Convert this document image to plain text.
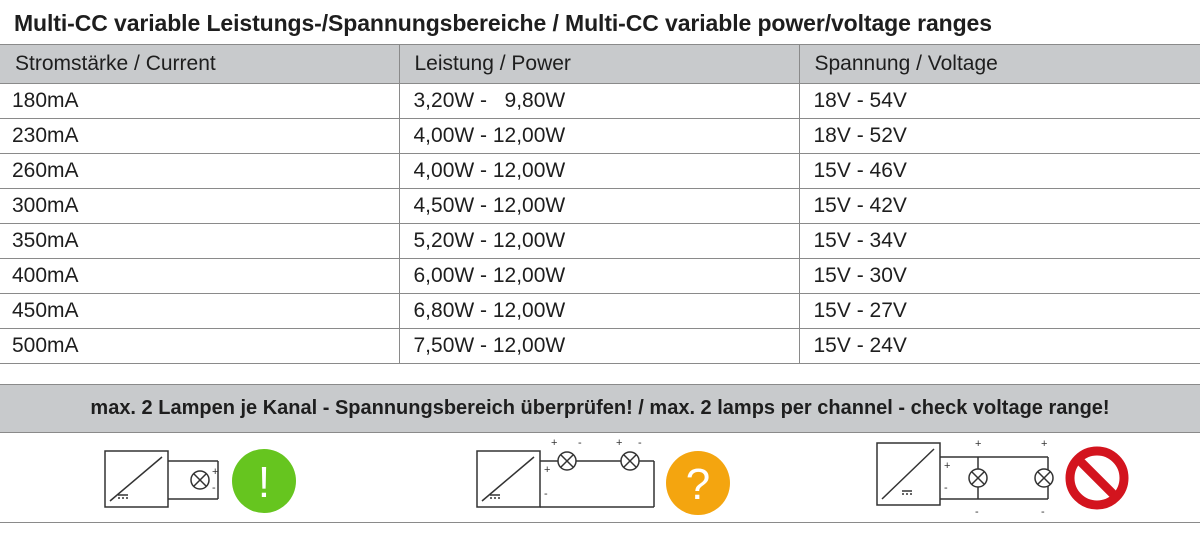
Multi-CC variable Leistungs-/Spannungsbereiche / Multi-CC variable power/voltage ranges
Stromstärke / Current	Leistung / Power	Spannung / Voltage
180mA	3,20W -   9,80W	18V - 54V
230mA	4,00W - 12,00W	18V - 52V
260mA	4,00W - 12,00W	15V - 46V
300mA	4,50W - 12,00W	15V - 42V
350mA	5,20W - 12,00W	15V - 34V
400mA	6,00W - 12,00W	15V - 30V
450mA	6,80W - 12,00W	15V - 27V
500mA	7,50W - 12,00W	15V - 24V
max. 2 Lampen je Kanal - Spannungsbereich überprüfen! / max. 2 lamps per channel - check voltage range!
+
- !	+
-
+ -	+ -
?	+
-
+
-
+
-
